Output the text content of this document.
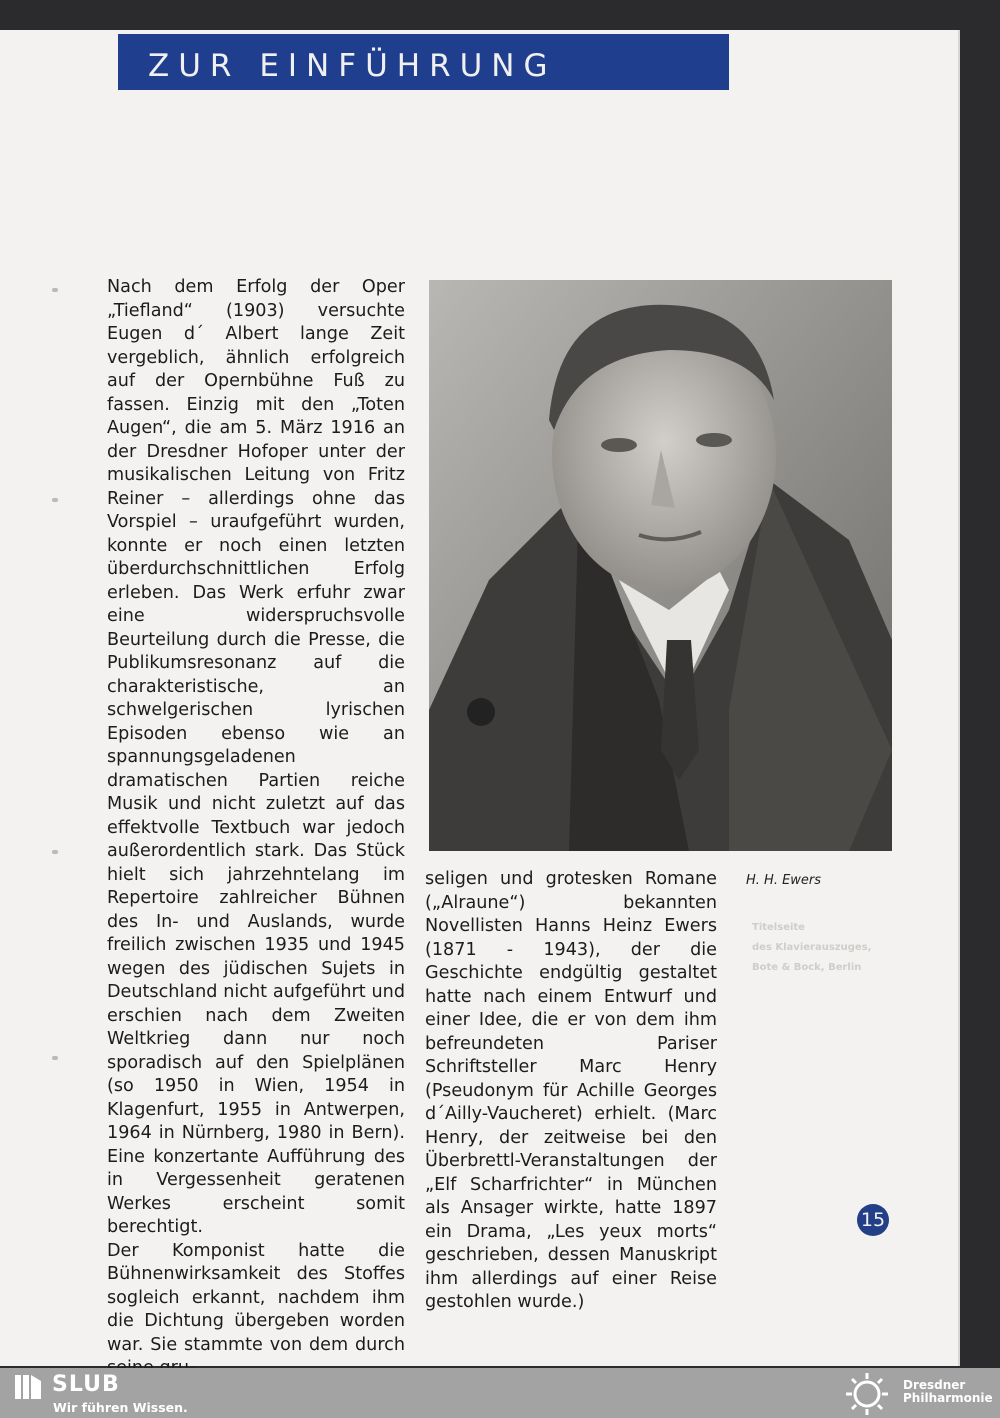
ZUR EINFÜHRUNG

Nach dem Erfolg der Oper „Tiefland“ (1903) versuchte Eugen d´ Albert lange Zeit vergeblich, ähnlich erfolgreich auf der Opernbühne Fuß zu fassen. Einzig mit den „Toten Augen“, die am 5. März 1916 an der Dresdner Hofoper unter der musikalischen Leitung von Fritz Reiner – allerdings ohne das Vorspiel – uraufgeführt wurden, konnte er noch einen letzten überdurchschnittlichen Erfolg erleben. Das Werk erfuhr zwar eine widerspruchsvolle Beurteilung durch die Presse, die Publikumsresonanz auf die charakteristische, an schwelgerischen lyrischen Episoden ebenso wie an spannungsgeladenen dramatischen Partien reiche Musik und nicht zuletzt auf das effektvolle Textbuch war jedoch außerordentlich stark. Das Stück hielt sich jahrzehntelang im Repertoire zahlreicher Bühnen des In- und Auslands, wurde freilich zwischen 1935 und 1945 wegen des jüdischen Sujets in Deutschland nicht aufgeführt und erschien nach dem Zweiten Weltkrieg dann nur noch sporadisch auf den Spielplänen (so 1950 in Wien, 1954 in Klagenfurt, 1955 in Antwerpen, 1964 in Nürnberg, 1980 in Bern). Eine konzertante Aufführung des in Vergessenheit geratenen Werkes erscheint somit berechtigt.

Der Komponist hatte die Bühnenwirksamkeit des Stoffes sogleich erkannt, nachdem ihm die Dichtung übergeben worden war. Sie stammte von dem durch

H. H. Ewers
Titelseite
des Klavierauszuges,
Bote & Bock, Berlin

seligen und grotesken Romane („Alraune“) bekannten Novellisten Hanns Heinz Ewers (1871 - 1943), der die Geschichte endgültig gestaltet hatte nach einem Entwurf und einer Idee, die er von dem ihm befreundeten Pariser Schriftsteller Marc Henry (Pseudonym für Achille Georges d´Ailly-Vaucheret) erhielt. (Marc Henry, der zeitweise bei den Überbrettl-Veranstaltungen der „Elf Scharfrichter“ in München als Ansager wirkte, hatte 1897 ein Drama, „Les yeux morts“ geschrieben, dessen Manuskript ihm allerdings auf einer Reise gestohlen wurde.)

15
SLUB
Wir führen Wissen.
Dresdner
Philharmonie
